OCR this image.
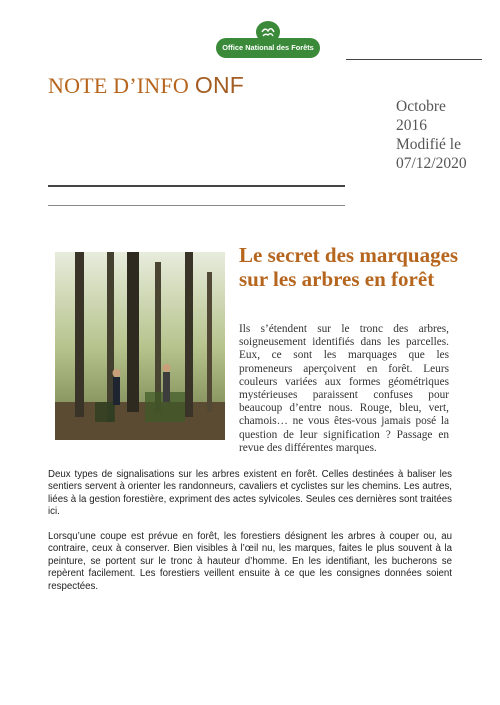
Office National des Forêts
NOTE D’INFO ONF
Octobre
2016
Modifié le
07/12/2020
Le secret des marquages sur les arbres en forêt
Ils s’étendent sur le tronc des arbres, soigneusement identifiés dans les parcelles. Eux, ce sont les marquages que les promeneurs aperçoivent en forêt. Leurs couleurs variées aux formes géométriques mystérieuses paraissent confuses pour beaucoup d’entre nous. Rouge, bleu, vert, chamois… ne vous êtes-vous jamais posé la question de leur signification ? Passage en revue des différentes marques.
Deux types de signalisations sur les arbres existent en forêt. Celles destinées à baliser les sentiers servent à orienter les randonneurs, cavaliers et cyclistes sur les chemins. Les autres, liées à la gestion forestière, expriment des actes sylvicoles. Seules ces dernières sont traitées ici.
Lorsqu’une coupe est prévue en forêt, les forestiers désignent les arbres à couper ou, au contraire, ceux à conserver. Bien visibles à l’œil nu, les marques, faites le plus souvent à la peinture, se portent sur le tronc à hauteur d’homme. En les identifiant, les bucherons se repèrent facilement. Les forestiers veillent ensuite à ce que les consignes données soient respectées.
